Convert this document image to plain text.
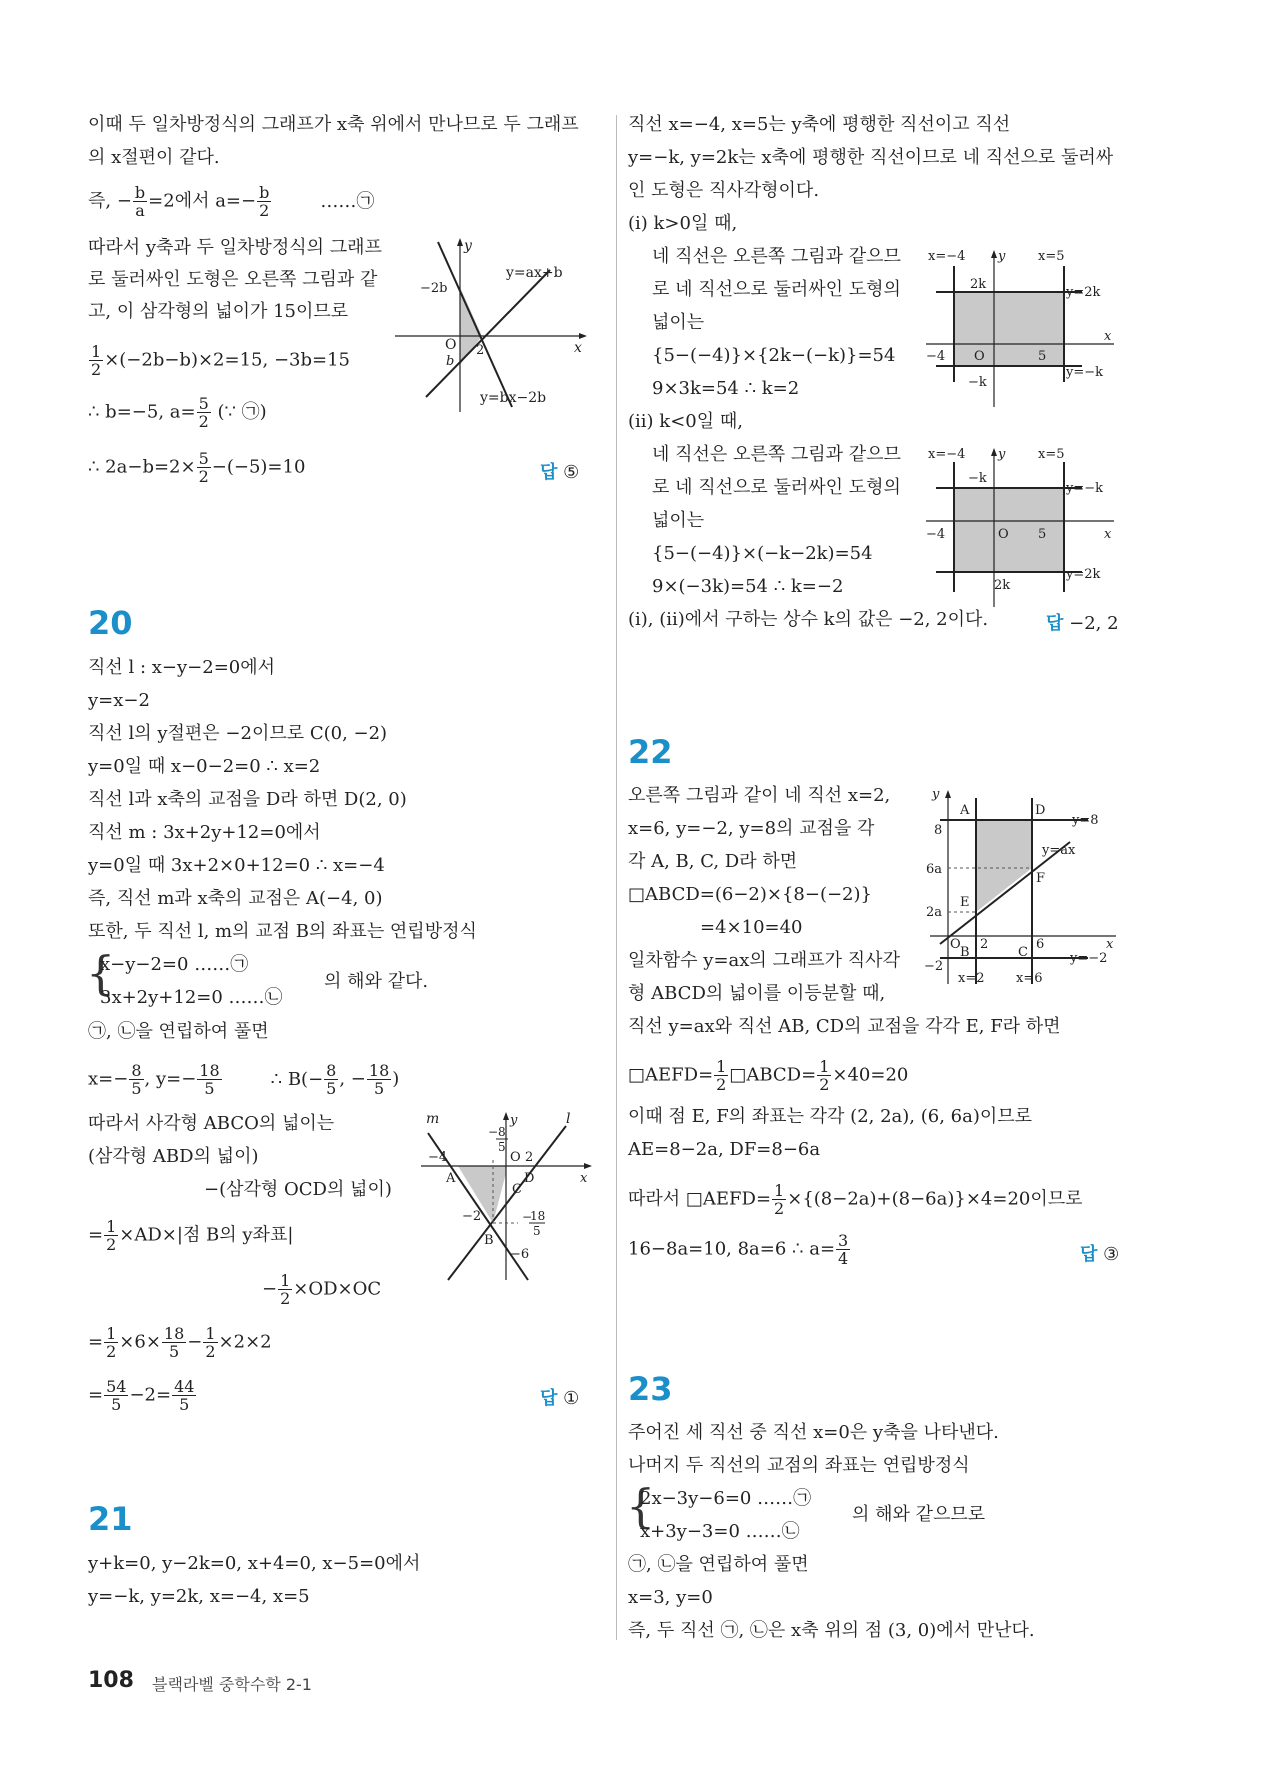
이때 두 일차방정식의 그래프가 x축 위에서 만나므로 두 그래프
의 x절편이 같다.
즉, − $\frac{b}{a} =2$에서 $a=- \frac{b}{2}$	……㉠
따라서 y축과 두 일차방정식의 그래프
로 둘러싸인 도형은 오른쪽 그림과 같
고, 이 삼각형의 넓이가 15이므로
$\frac{1}{2} \times(-2b-b)\times 2=15$, −3b=15
∴ b=−5, $a= \frac{5}{2}$ (∵ ㉠)
∴ $2a-b=2\times \frac{5}{2} -(-5)=10$	답 ⑤
y
x
O
−2b
b
2
y=ax+b
y=bx−2b
20
직선 l : x−y−2=0에서
y=x−2
직선 l의 y절편은 −2이므로 C(0, −2)
y=0일 때 x−0−2=0 ∴ x=2
직선 l과 x축의 교점을 D라 하면 D(2, 0)
직선 m : 3x+2y+12=0에서
y=0일 때 3x+2×0+12=0 ∴ x=−4
즉, 직선 m과 x축의 교점은 A(−4, 0)
또한, 두 직선 l, m의 교점 B의 좌표는 연립방정식
{
x−y−2=0 ……㉠
3x+2y+12=0 ……㉡
의 해와 같다.
㉠, ㉡을 연립하여 풀면
$x=- \frac{8}{5}$ , $y=- \frac{18}{5}$	∴ $B(- \frac{8}{5}$ , − $\frac{18}{5}$ )
따라서 사각형 ABCO의 넓이는
(삼각형 ABD의 넓이)
−(삼각형 OCD의 넓이)
= $\frac{1}{2} \times AD\times|$점 B의 y좌표|
− $\frac{1}{2} \times OD\times OC$
= $\frac{1}{2} \times 6\times \frac{18}{5} - \frac{1}{2} \times 2\times 2$
= $\frac{54}{5} -2= \frac{44}{5}$	답 ①
m	l
y
x
−4
A
O 2
D
C
B
−2
−6
− 8
5
−
18
5
21
y+k=0, y−2k=0, x+4=0, x−5=0에서
y=−k, y=2k, x=−4, x=5
직선 x=−4, x=5는 y축에 평행한 직선이고 직선
y=−k, y=2k는 x축에 평행한 직선이므로 네 직선으로 둘러싸
인 도형은 직사각형이다.
(ⅰ) k>0일 때,
네 직선은 오른쪽 그림과 같으므
로 네 직선으로 둘러싸인 도형의
넓이는
{5−(−4)}×{2k−(−k)}=54
9×3k=54 ∴ k=2
(ⅱ) k<0일 때,
네 직선은 오른쪽 그림과 같으므
로 네 직선으로 둘러싸인 도형의
넓이는
{5−(−4)}×(−k−2k)=54
9×(−3k)=54 ∴ k=−2
(ⅰ), (ⅱ)에서 구하는 상수 k의 값은 −2, 2이다.	답 −2, 2
x=−4	y	x=5
2k
y=2k
−4 O	5
x
−k
y=−k
x=−4	y	x=5
−k
y=−k
−4	O 5	x
2k
y=2k
22
오른쪽 그림과 같이 네 직선 x=2,
x=6, y=−2, y=8의 교점을 각
각 A, B, C, D라 하면
□ABCD=(6−2)×{8−(−2)}
=4×10=40
일차함수 y=ax의 그래프가 직사각
형 ABCD의 넓이를 이등분할 때,
직선 y=ax와 직선 AB, CD의 교점을 각각 E, F라 하면
□AEFD= $\frac{1}{2}$ □ABCD= $\frac{1}{2} \times 40=20$
이때 점 E, F의 좌표는 각각 (2, 2a), (6, 6a)이므로
AE=8−2a, DF=8−6a
따라서 □AEFD= $\frac{1}{2} \times\{(8-2a)+(8-6a)\}\times 4=20$이므로
16−8a=10, 8a=6 ∴ $a= \frac{3}{4}$	답 ③
y
A	D
y=8
8
y=ax
6a
F
E
2a
O 2	6	x
B	C
−2
y=−2
x=2 x=6
23
주어진 세 직선 중 직선 x=0은 y축을 나타낸다.
나머지 두 직선의 교점의 좌표는 연립방정식
{
2x−3y−6=0 ……㉠
x+3y−3=0 ……㉡
의 해와 같으므로
㉠, ㉡을 연립하여 풀면
x=3, y=0
즉, 두 직선 ㉠, ㉡은 x축 위의 점 (3, 0)에서 만난다.
108 블랙라벨 중학수학 2-1
